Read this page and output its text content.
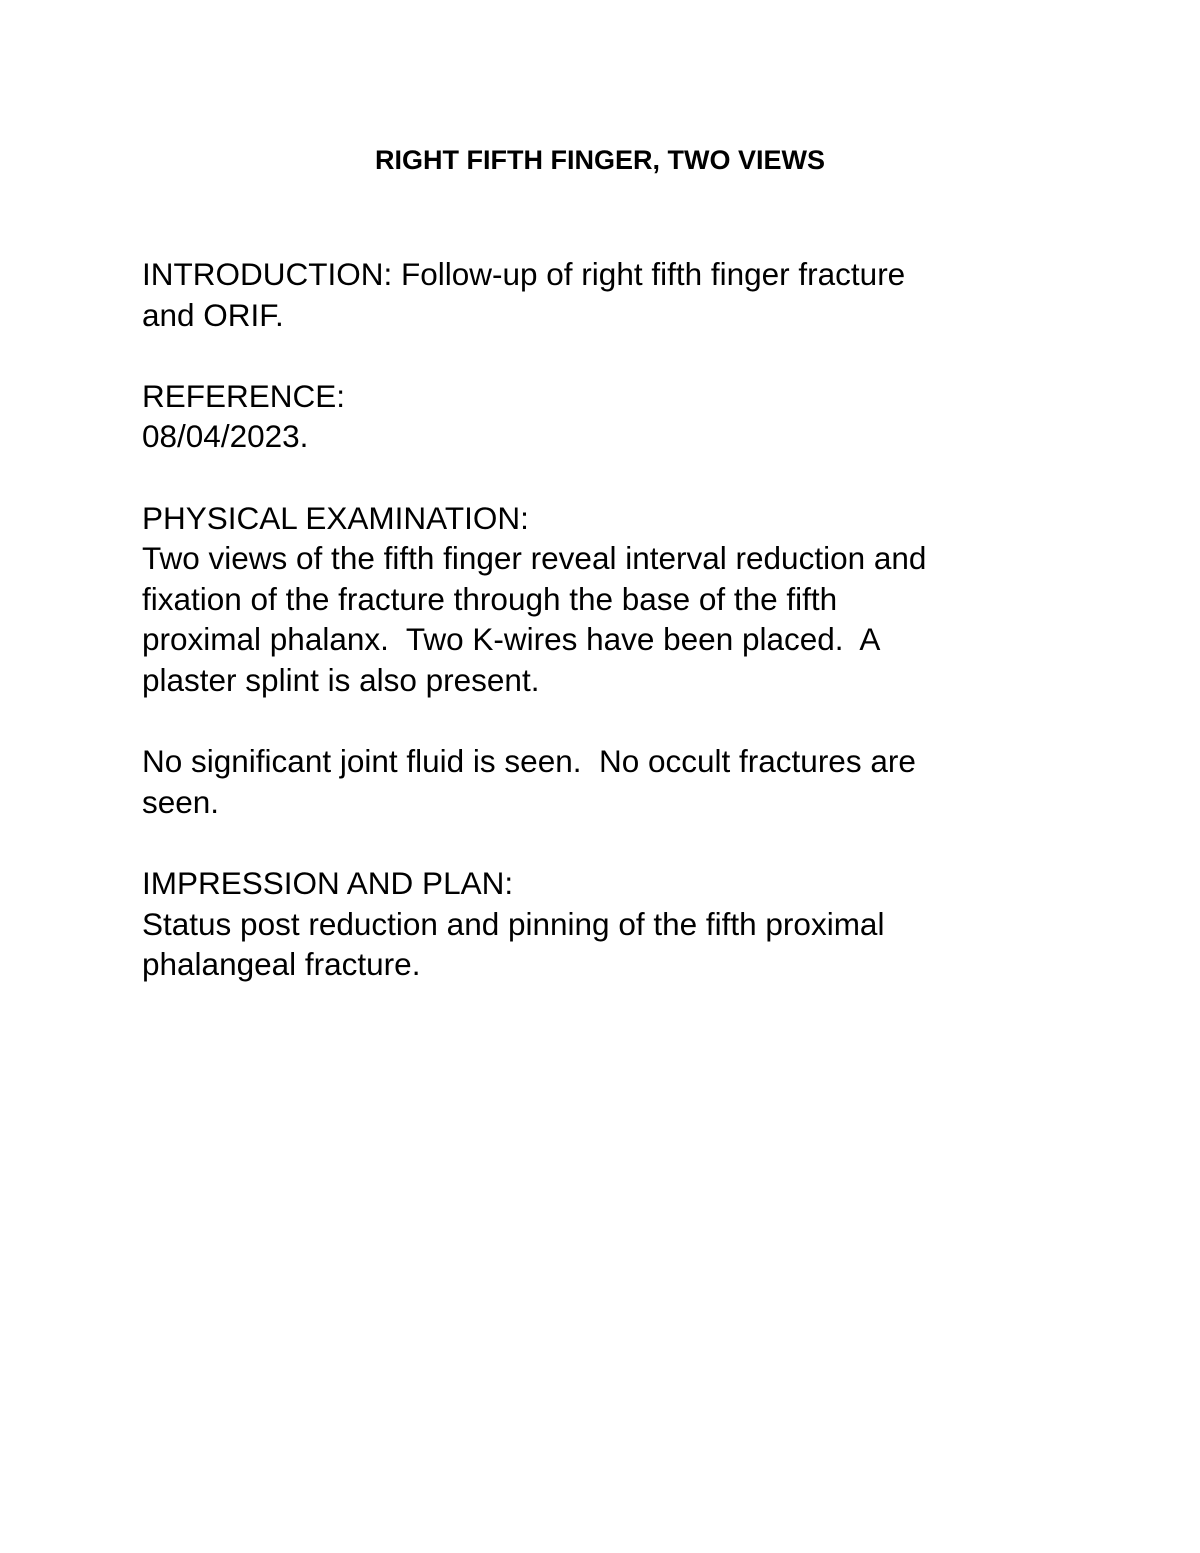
RIGHT FIFTH FINGER, TWO VIEWS

INTRODUCTION: Follow-up of right fifth finger fracture
and ORIF.

REFERENCE:
08/04/2023.

PHYSICAL EXAMINATION:
Two views of the fifth finger reveal interval reduction and
fixation of the fracture through the base of the fifth
proximal phalanx.  Two K-wires have been placed.  A
plaster splint is also present.

No significant joint fluid is seen.  No occult fractures are
seen.

IMPRESSION AND PLAN:
Status post reduction and pinning of the fifth proximal
phalangeal fracture.
